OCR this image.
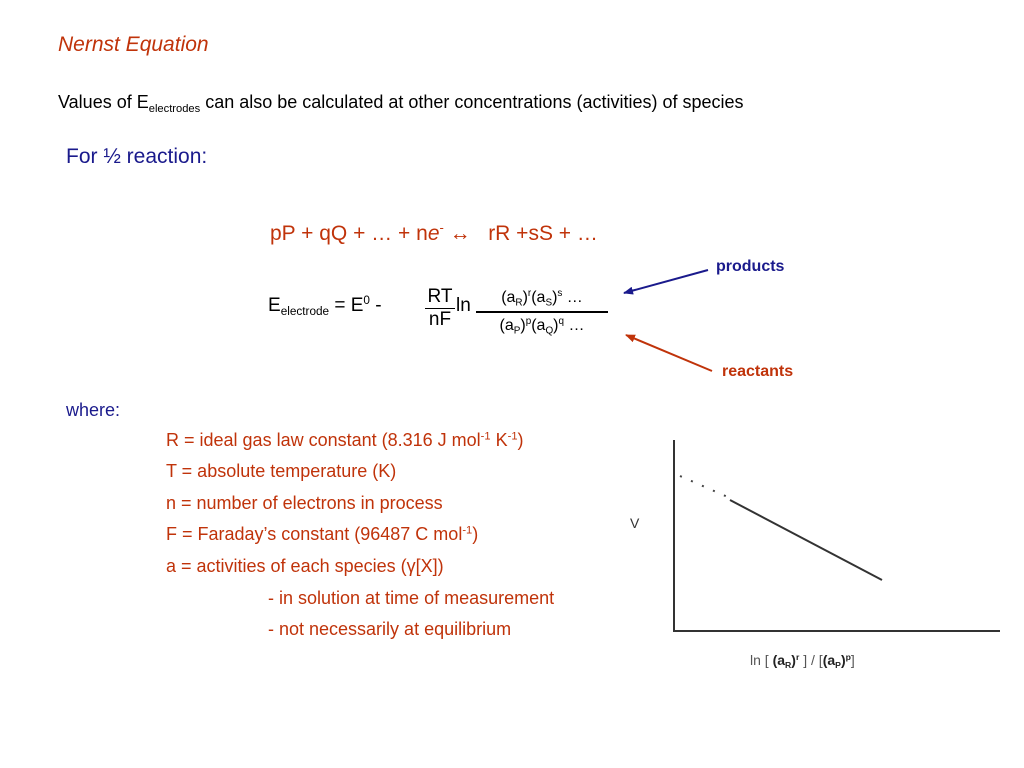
Nernst Equation
Values of $E_{electrodes}$ can also be calculated at other concentrations (activities) of species
For ½ reaction:
pP + qQ + … + ne- ↔   rR +sS + …
$E_{electrode} = E^0$ - RT
nF
ln	$(a_R)^r(a_S)^s$ …
$(a_P)^p(a_Q)^q$ …
products
reactants
where:
R = ideal gas law constant (8.316 J mol$^{-1}$ $K^{-1}$)
T = absolute temperature (K)
n = number of electrons in process
F = Faraday’s constant (96487 C mol$^{-1}$)
a = activities of each species (γ[X])
- in solution at time of measurement
- not necessarily at equilibrium
V
ln [ $(a_R)^r$ ] / $[(a_P)^p]$
